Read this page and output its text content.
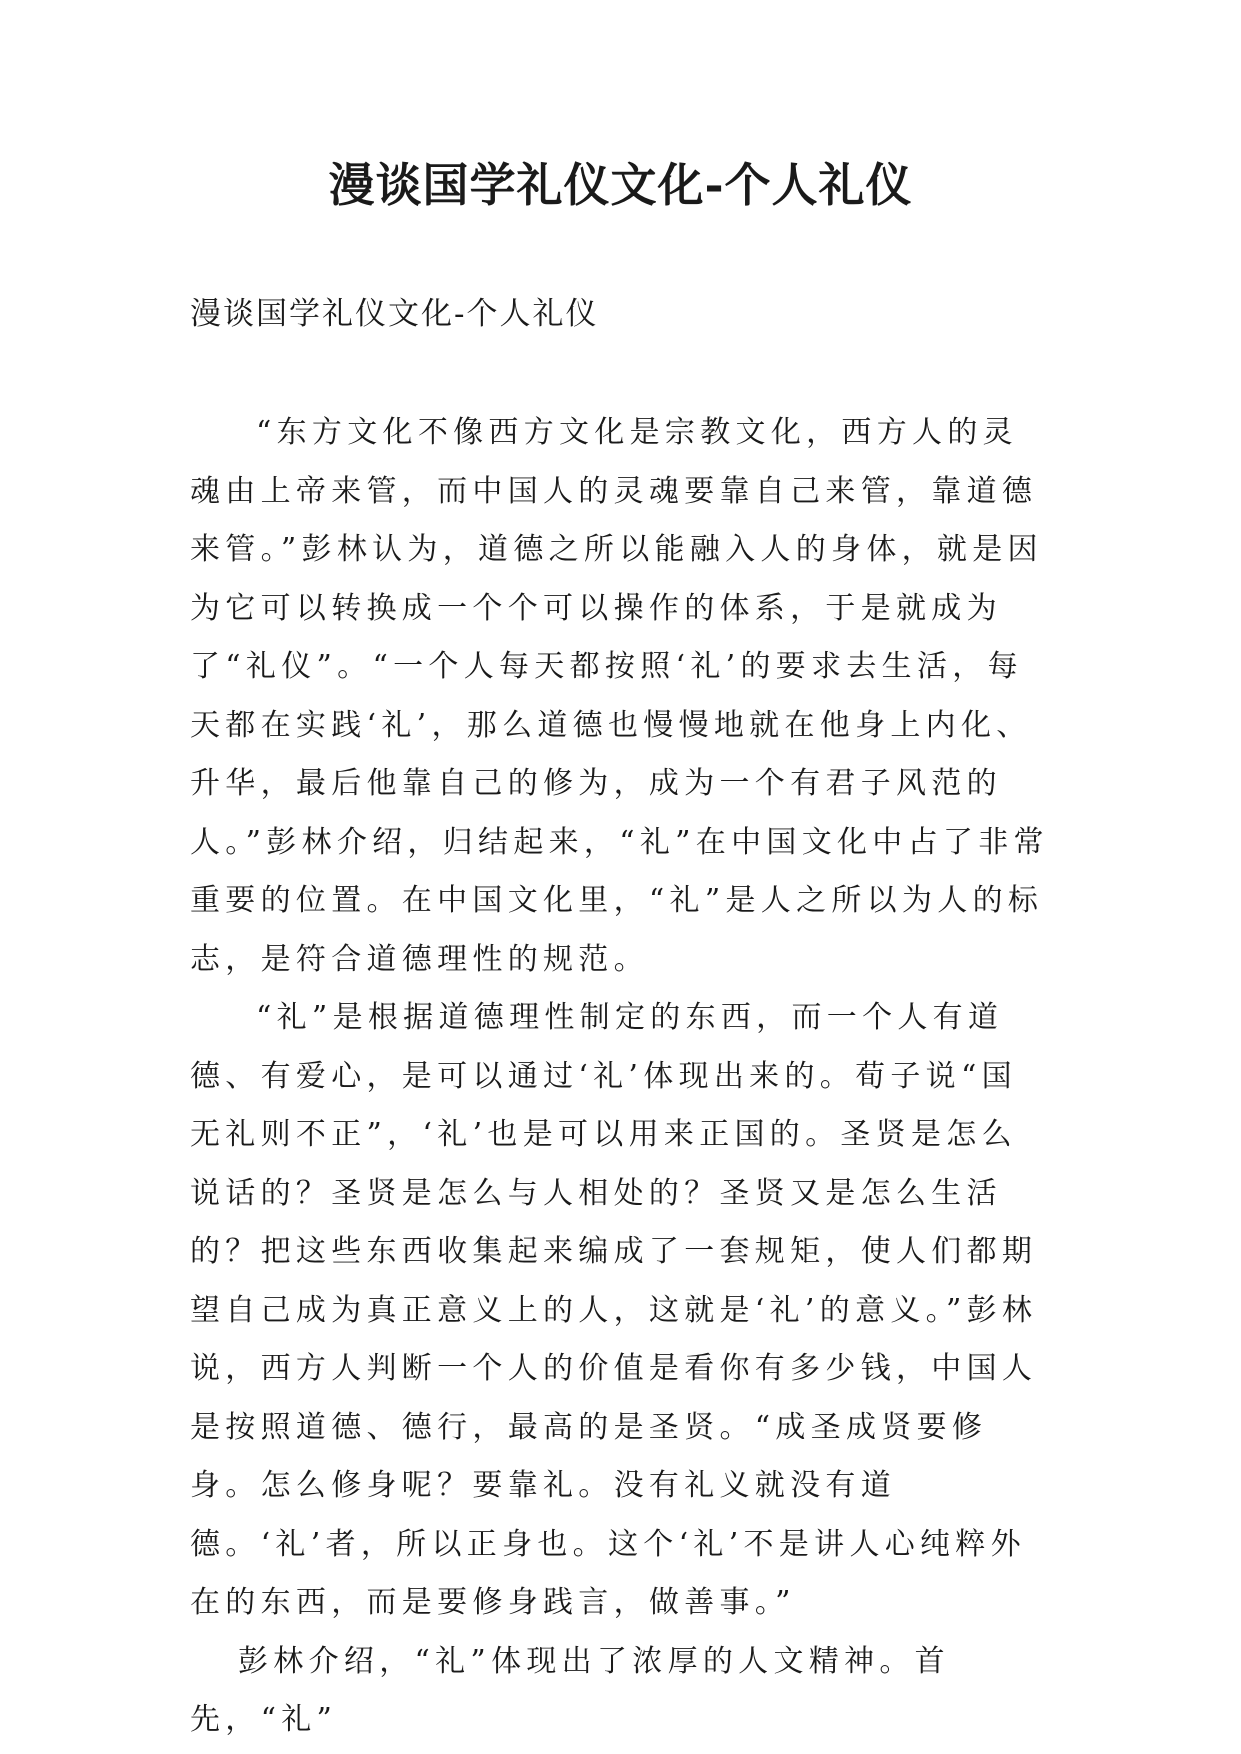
漫谈国学礼仪文化-个人礼仪

漫谈国学礼仪文化-个人礼仪

“东方文化不像西方文化是宗教文化，西方人的灵魂由上帝来管，而中国人的灵魂要靠自己来管，靠道德来管。”彭林认为，道德之所以能融入人的身体，就是因为它可以转换成一个个可以操作的体系，于是就成为了“礼仪”。“一个人每天都按照‘礼’的要求去生活，每天都在实践‘礼’，那么道德也慢慢地就在他身上内化、升华，最后他靠自己的修为，成为一个有君子风范的人。”彭林介绍，归结起来，“礼”在中国文化中占了非常重要的位置。在中国文化里，“礼”是人之所以为人的标志，是符合道德理性的规范。

“礼”是根据道德理性制定的东西，而一个人有道德、有爱心，是可以通过‘礼’体现出来的。荀子说“国无礼则不正”，‘礼’也是可以用来正国的。圣贤是怎么说话的？圣贤是怎么与人相处的？圣贤又是怎么生活的？把这些东西收集起来编成了一套规矩，使人们都期望自己成为真正意义上的人，这就是‘礼’的意义。”彭林说，西方人判断一个人的价值是看你有多少钱，中国人是按照道德、德行，最高的是圣贤。“成圣成贤要修身。怎么修身呢？要靠礼。没有礼义就没有道德。‘礼’者，所以正身也。这个‘礼’不是讲人心纯粹外在的东西，而是要修身践言，做善事。”

彭林介绍，“礼”体现出了浓厚的人文精神。首先，“礼”
